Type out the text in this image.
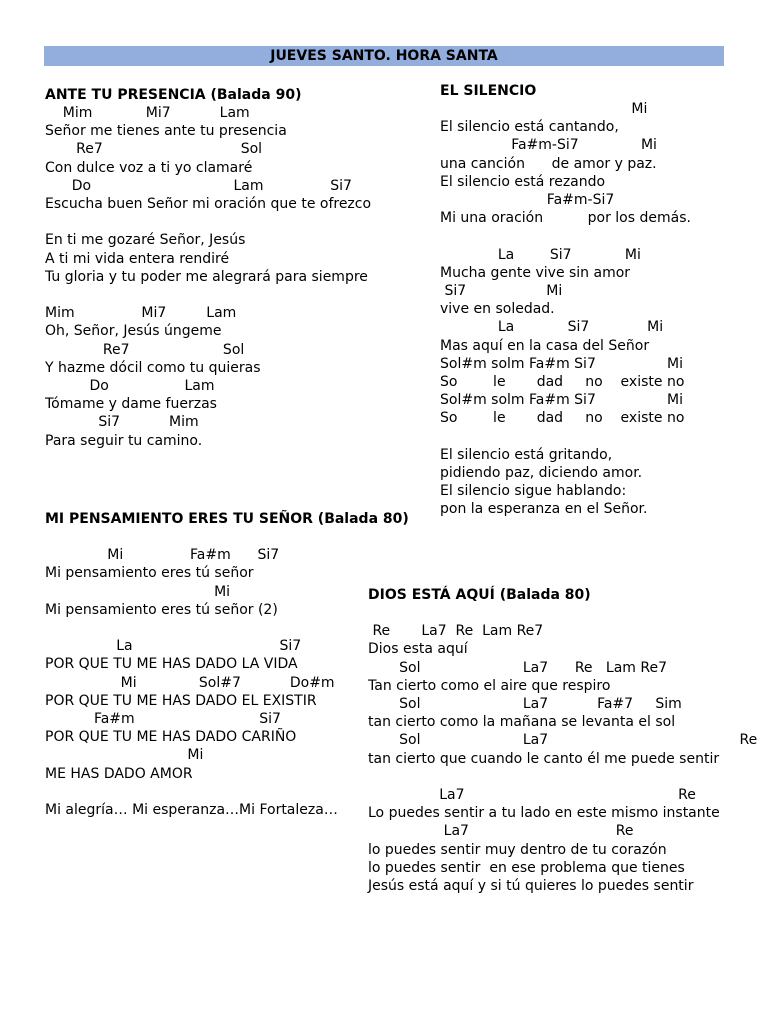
JUEVES SANTO. HORA SANTA
ANTE TU PRESENCIA (Balada 90)
Mim            Mi7           Lam
Señor me tienes ante tu presencia
Re7                               Sol
Con dulce voz a ti yo clamaré
Do                                Lam               Si7
Escucha buen Señor mi oración que te ofrezco
En ti me gozaré Señor, Jesús
A ti mi vida entera rendiré
Tu gloria y tu poder me alegrará para siempre
Mim               Mi7         Lam
Oh, Señor, Jesús úngeme
Re7                     Sol
Y hazme dócil como tu quieras
Do                 Lam
Tómame y dame fuerzas
Si7           Mim
Para seguir tu camino.
EL SILENCIO
Mi
El silencio está cantando,
Fa#m-Si7              Mi
una canción      de amor y paz.
El silencio está rezando
Fa#m-Si7
Mi una oración          por los demás.
La        Si7            Mi
Mucha gente vive sin amor
Si7                  Mi
vive en soledad.
La            Si7             Mi
Mas aquí en la casa del Señor
Sol#m solm Fa#m Si7                Mi
So        le       dad     no    existe no
Sol#m solm Fa#m Si7                Mi
So        le       dad     no    existe no
El silencio está gritando,
pidiendo paz, diciendo amor.
El silencio sigue hablando:
pon la esperanza en el Señor.
MI PENSAMIENTO ERES TU SEÑOR (Balada 80)
Mi               Fa#m      Si7
Mi pensamiento eres tú señor
Mi
Mi pensamiento eres tú señor (2)
La                                 Si7
POR QUE TU ME HAS DADO LA VIDA
Mi              Sol#7           Do#m
POR QUE TU ME HAS DADO EL EXISTIR
Fa#m                            Si7
POR QUE TU ME HAS DADO CARIÑO
Mi
ME HAS DADO AMOR
Mi alegría… Mi esperanza…Mi Fortaleza…
DIOS ESTÁ AQUÍ (Balada 80)
Re       La7  Re  Lam Re7
Dios esta aquí
Sol                       La7      Re   Lam Re7
Tan cierto como el aire que respiro
Sol                       La7           Fa#7     Sim
tan cierto como la mañana se levanta el sol
Sol                       La7                                           Re
tan cierto que cuando le canto él me puede sentir
La7                                                Re
Lo puedes sentir a tu lado en este mismo instante
La7                                 Re
lo puedes sentir muy dentro de tu corazón
lo puedes sentir  en ese problema que tienes
Jesús está aquí y si tú quieres lo puedes sentir
